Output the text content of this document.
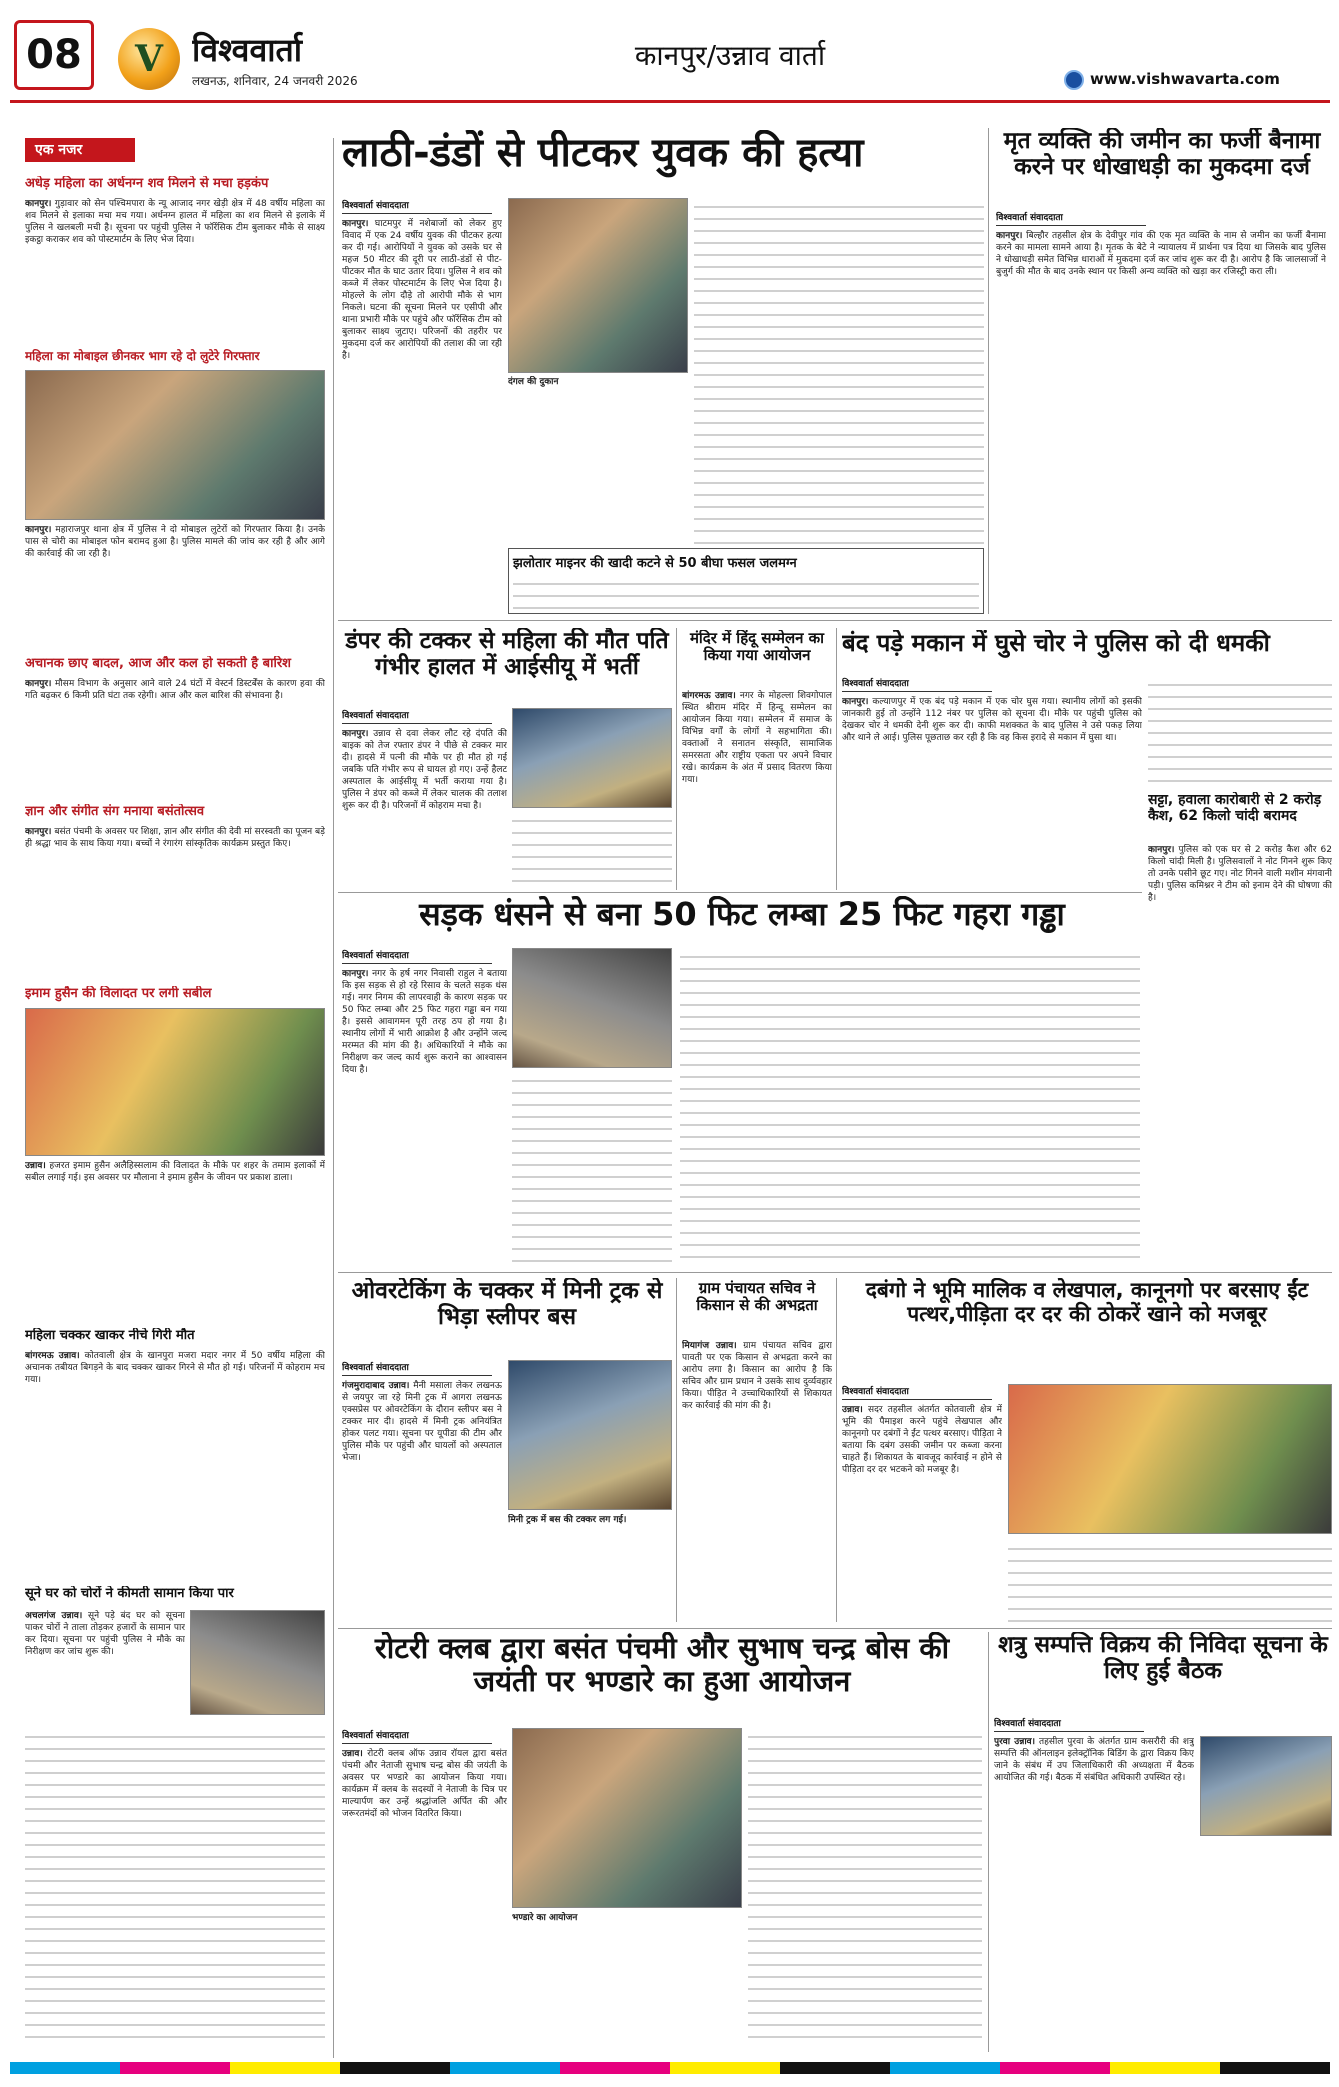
08 V विश्ववार्ता
लखनऊ, शनिवार, 24 जनवरी 2026
कानपुर/उन्नाव वार्ता
www.vishwavarta.com
एक नजर
अधेड़ महिला का अर्धनग्न शव मिलने से मचा हड़कंप
कानपुर। गुड़ावार को सेन पश्चिमपारा के न्यू आजाद नगर खेड़ी क्षेत्र में 48 वर्षीय महिला का शव मिलने से इलाका मचा मच गया। अर्धनग्न हालत में महिला का शव मिलने से इलाके में पुलिस ने खलबली मची है। सूचना पर पहुंची पुलिस ने फॉरेंसिक टीम बुलाकर मौके से साक्ष्य इकट्ठा कराकर शव को पोस्टमार्टम के लिए भेज दिया।
महिला का मोबाइल छीनकर भाग रहे दो लुटेरे गिरफ्तार
कानपुर। महाराजपुर थाना क्षेत्र में पुलिस ने दो मोबाइल लुटेरों को गिरफ्तार किया है। उनके पास से चोरी का मोबाइल फोन बरामद हुआ है। पुलिस मामले की जांच कर रही है और आगे की कार्रवाई की जा रही है।
अचानक छाए बादल, आज और कल हो सकती है बारिश
कानपुर। मौसम विभाग के अनुसार आने वाले 24 घंटों में वेस्टर्न डिस्टर्बेंस के कारण हवा की गति बढ़कर 6 किमी प्रति घंटा तक रहेगी। आज और कल बारिश की संभावना है।
ज्ञान और संगीत संग मनाया बसंतोत्सव
कानपुर। बसंत पंचमी के अवसर पर शिक्षा, ज्ञान और संगीत की देवी मां सरस्वती का पूजन बड़े ही श्रद्धा भाव के साथ किया गया। बच्चों ने रंगारंग सांस्कृतिक कार्यक्रम प्रस्तुत किए।
इमाम हुसैन की विलादत पर लगी सबील
उन्नाव। हजरत इमाम हुसैन अलैहिस्सलाम की विलादत के मौके पर शहर के तमाम इलाकों में सबील लगाई गई। इस अवसर पर मौलाना ने इमाम हुसैन के जीवन पर प्रकाश डाला।
महिला चक्कर खाकर नीचे गिरी मौत
बांगरमऊ उन्नाव। कोतवाली क्षेत्र के खानपुरा मजरा मदार नगर में 50 वर्षीय महिला की अचानक तबीयत बिगड़ने के बाद चक्कर खाकर गिरने से मौत हो गई। परिजनों में कोहराम मच गया।
सूने घर को चोरों ने कीमती सामान किया पार
अचलगंज उन्नाव। सूने पड़े बंद घर को सूचना पाकर चोरों ने ताला तोड़कर हजारों के सामान पार कर दिया। सूचना पर पहुंची पुलिस ने मौके का निरीक्षण कर जांच शुरू की।
लाठी-डंडों से पीटकर युवक की हत्या
विश्ववार्ता संवाददाता
कानपुर। घाटमपुर में नशेबाजों को लेकर हुए विवाद में एक 24 वर्षीय युवक की पीटकर हत्या कर दी गई। आरोपियों ने युवक को उसके घर से महज 50 मीटर की दूरी पर लाठी-डंडों से पीट-पीटकर मौत के घाट उतार दिया। पुलिस ने शव को कब्जे में लेकर पोस्टमार्टम के लिए भेज दिया है। मोहल्ले के लोग दौड़े तो आरोपी मौके से भाग निकले। घटना की सूचना मिलने पर एसीपी और थाना प्रभारी मौके पर पहुंचे और फॉरेंसिक टीम को बुलाकर साक्ष्य जुटाए। परिजनों की तहरीर पर मुकदमा दर्ज कर आरोपियों की तलाश की जा रही है।
दंगल की दुकान
झलोतार माइनर की खादी कटने से 50 बीघा फसल जलमग्न
मृत व्यक्ति की जमीन का फर्जी बैनामा करने पर धोखाधड़ी का मुकदमा दर्ज
विश्ववार्ता संवाददाता
कानपुर। बिल्हौर तहसील क्षेत्र के देवीपुर गांव की एक मृत व्यक्ति के नाम से जमीन का फर्जी बैनामा करने का मामला सामने आया है। मृतक के बेटे ने न्यायालय में प्रार्थना पत्र दिया था जिसके बाद पुलिस ने धोखाधड़ी समेत विभिन्न धाराओं में मुकदमा दर्ज कर जांच शुरू कर दी है। आरोप है कि जालसाजों ने बुजुर्ग की मौत के बाद उनके स्थान पर किसी अन्य व्यक्ति को खड़ा कर रजिस्ट्री करा ली।
डंपर की टक्कर से महिला की मौत पति गंभीर हालत में आईसीयू में भर्ती
विश्ववार्ता संवाददाता
कानपुर। उन्नाव से दवा लेकर लौट रहे दंपति की बाइक को तेज रफ्तार डंपर ने पीछे से टक्कर मार दी। हादसे में पत्नी की मौके पर ही मौत हो गई जबकि पति गंभीर रूप से घायल हो गए। उन्हें हैलट अस्पताल के आईसीयू में भर्ती कराया गया है। पुलिस ने डंपर को कब्जे में लेकर चालक की तलाश शुरू कर दी है। परिजनों में कोहराम मचा है।
मंदिर में हिंदू सम्मेलन का किया गया आयोजन
बांगरमऊ उन्नाव। नगर के मोहल्ला शिवगोपाल स्थित श्रीराम मंदिर में हिन्दू सम्मेलन का आयोजन किया गया। सम्मेलन में समाज के विभिन्न वर्गों के लोगों ने सहभागिता की। वक्ताओं ने सनातन संस्कृति, सामाजिक समरसता और राष्ट्रीय एकता पर अपने विचार रखे। कार्यक्रम के अंत में प्रसाद वितरण किया गया।
बंद पड़े मकान में घुसे चोर ने पुलिस को दी धमकी
विश्ववार्ता संवाददाता
कानपुर। कल्याणपुर में एक बंद पड़े मकान में एक चोर घुस गया। स्थानीय लोगों को इसकी जानकारी हुई तो उन्होंने 112 नंबर पर पुलिस को सूचना दी। मौके पर पहुंची पुलिस को देखकर चोर ने धमकी देनी शुरू कर दी। काफी मशक्कत के बाद पुलिस ने उसे पकड़ लिया और थाने ले आई। पुलिस पूछताछ कर रही है कि वह किस इरादे से मकान में घुसा था।
सट्टा, हवाला कारोबारी से 2 करोड़ कैश, 62 किलो चांदी बरामद
कानपुर। पुलिस को एक घर से 2 करोड़ कैश और 62 किलो चांदी मिली है। पुलिसवालों ने नोट गिनने शुरू किए तो उनके पसीने छूट गए। नोट गिनने वाली मशीन मंगवानी पड़ी। पुलिस कमिश्नर ने टीम को इनाम देने की घोषणा की है।
सड़क धंसने से बना 50 फिट लम्बा 25 फिट गहरा गड्ढा
विश्ववार्ता संवाददाता
कानपुर। नगर के हर्ष नगर निवासी राहुल ने बताया कि इस सड़क से हो रहे रिसाव के चलते सड़क धंस गई। नगर निगम की लापरवाही के कारण सड़क पर 50 फिट लम्बा और 25 फिट गहरा गड्ढा बन गया है। इससे आवागमन पूरी तरह ठप हो गया है। स्थानीय लोगों में भारी आक्रोश है और उन्होंने जल्द मरम्मत की मांग की है। अधिकारियों ने मौके का निरीक्षण कर जल्द कार्य शुरू कराने का आश्वासन दिया है।
ओवरटेकिंग के चक्कर में मिनी ट्रक से भिड़ा स्लीपर बस
विश्ववार्ता संवाददाता
गंजमुरादाबाद उन्नाव। मैनी मसाला लेकर लखनऊ से जयपुर जा रहे मिनी ट्रक में आगरा लखनऊ एक्सप्रेस पर ओवरटेकिंग के दौरान स्लीपर बस ने टक्कर मार दी। हादसे में मिनी ट्रक अनियंत्रित होकर पलट गया। सूचना पर यूपीडा की टीम और पुलिस मौके पर पहुंची और घायलों को अस्पताल भेजा।
मिनी ट्रक में बस की टक्कर लग गई।
ग्राम पंचायत सचिव ने किसान से की अभद्रता
मियागंज उन्नाव। ग्राम पंचायत सचिव द्वारा पावती पर एक किसान से अभद्रता करने का आरोप लगा है। किसान का आरोप है कि सचिव और ग्राम प्रधान ने उसके साथ दुर्व्यवहार किया। पीड़ित ने उच्चाधिकारियों से शिकायत कर कार्रवाई की मांग की है।
दबंगो ने भूमि मालिक व लेखपाल, कानूनगो पर बरसाए ईंट पत्थर,पीड़िता दर दर की ठोकरें खाने को मजबूर
विश्ववार्ता संवाददाता
उन्नाव। सदर तहसील अंतर्गत कोतवाली क्षेत्र में भूमि की पैमाइश करने पहुंचे लेखपाल और कानूनगो पर दबंगों ने ईंट पत्थर बरसाए। पीड़िता ने बताया कि दबंग उसकी जमीन पर कब्जा करना चाहते हैं। शिकायत के बावजूद कार्रवाई न होने से पीड़िता दर दर भटकने को मजबूर है।
रोटरी क्लब द्वारा बसंत पंचमी और सुभाष चन्द्र बोस की जयंती पर भण्डारे का हुआ आयोजन
विश्ववार्ता संवाददाता
उन्नाव। रोटरी क्लब ऑफ उन्नाव रॉयल द्वारा बसंत पंचमी और नेताजी सुभाष चन्द्र बोस की जयंती के अवसर पर भण्डारे का आयोजन किया गया। कार्यक्रम में क्लब के सदस्यों ने नेताजी के चित्र पर माल्यार्पण कर उन्हें श्रद्धांजलि अर्पित की और जरूरतमंदों को भोजन वितरित किया।
भण्डारे का आयोजन
शत्रु सम्पत्ति विक्रय की निविदा सूचना के लिए हुई बैठक
विश्ववार्ता संवाददाता
पुरवा उन्नाव। तहसील पुरवा के अंतर्गत ग्राम कसरौरी की शत्रु सम्पत्ति की ऑनलाइन इलेक्ट्रॉनिक बिडिंग के द्वारा विक्रय किए जाने के संबंध में उप जिलाधिकारी की अध्यक्षता में बैठक आयोजित की गई। बैठक में संबंधित अधिकारी उपस्थित रहे।
